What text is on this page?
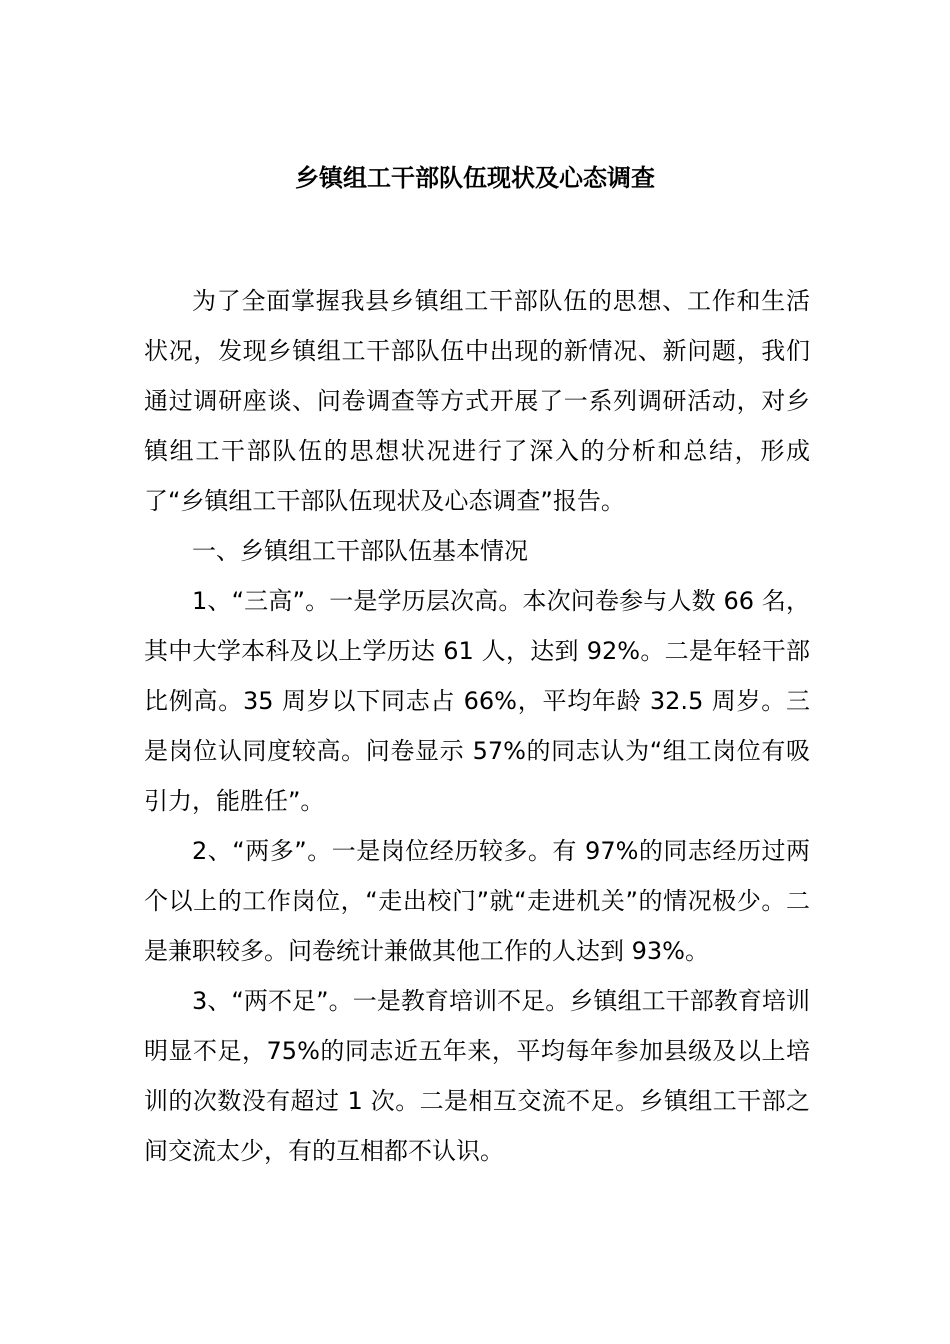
乡镇组工干部队伍现状及心态调查

为了全面掌握我县乡镇组工干部队伍的思想、工作和生活状况，发现乡镇组工干部队伍中出现的新情况、新问题，我们通过调研座谈、问卷调查等方式开展了一系列调研活动，对乡镇组工干部队伍的思想状况进行了深入的分析和总结，形成了“乡镇组工干部队伍现状及心态调查”报告。

一、乡镇组工干部队伍基本情况

1、“三高”。一是学历层次高。本次问卷参与人数 66 名，其中大学本科及以上学历达 61 人，达到 92%。二是年轻干部比例高。35 周岁以下同志占 66%，平均年龄 32.5 周岁。三是岗位认同度较高。问卷显示 57%的同志认为“组工岗位有吸引力，能胜任”。

2、“两多”。一是岗位经历较多。有 97%的同志经历过两个以上的工作岗位，“走出校门”就“走进机关”的情况极少。二是兼职较多。问卷统计兼做其他工作的人达到 93%。

3、“两不足”。一是教育培训不足。乡镇组工干部教育培训明显不足，75%的同志近五年来，平均每年参加县级及以上培训的次数没有超过 1 次。二是相互交流不足。乡镇组工干部之间交流太少，有的互相都不认识。
